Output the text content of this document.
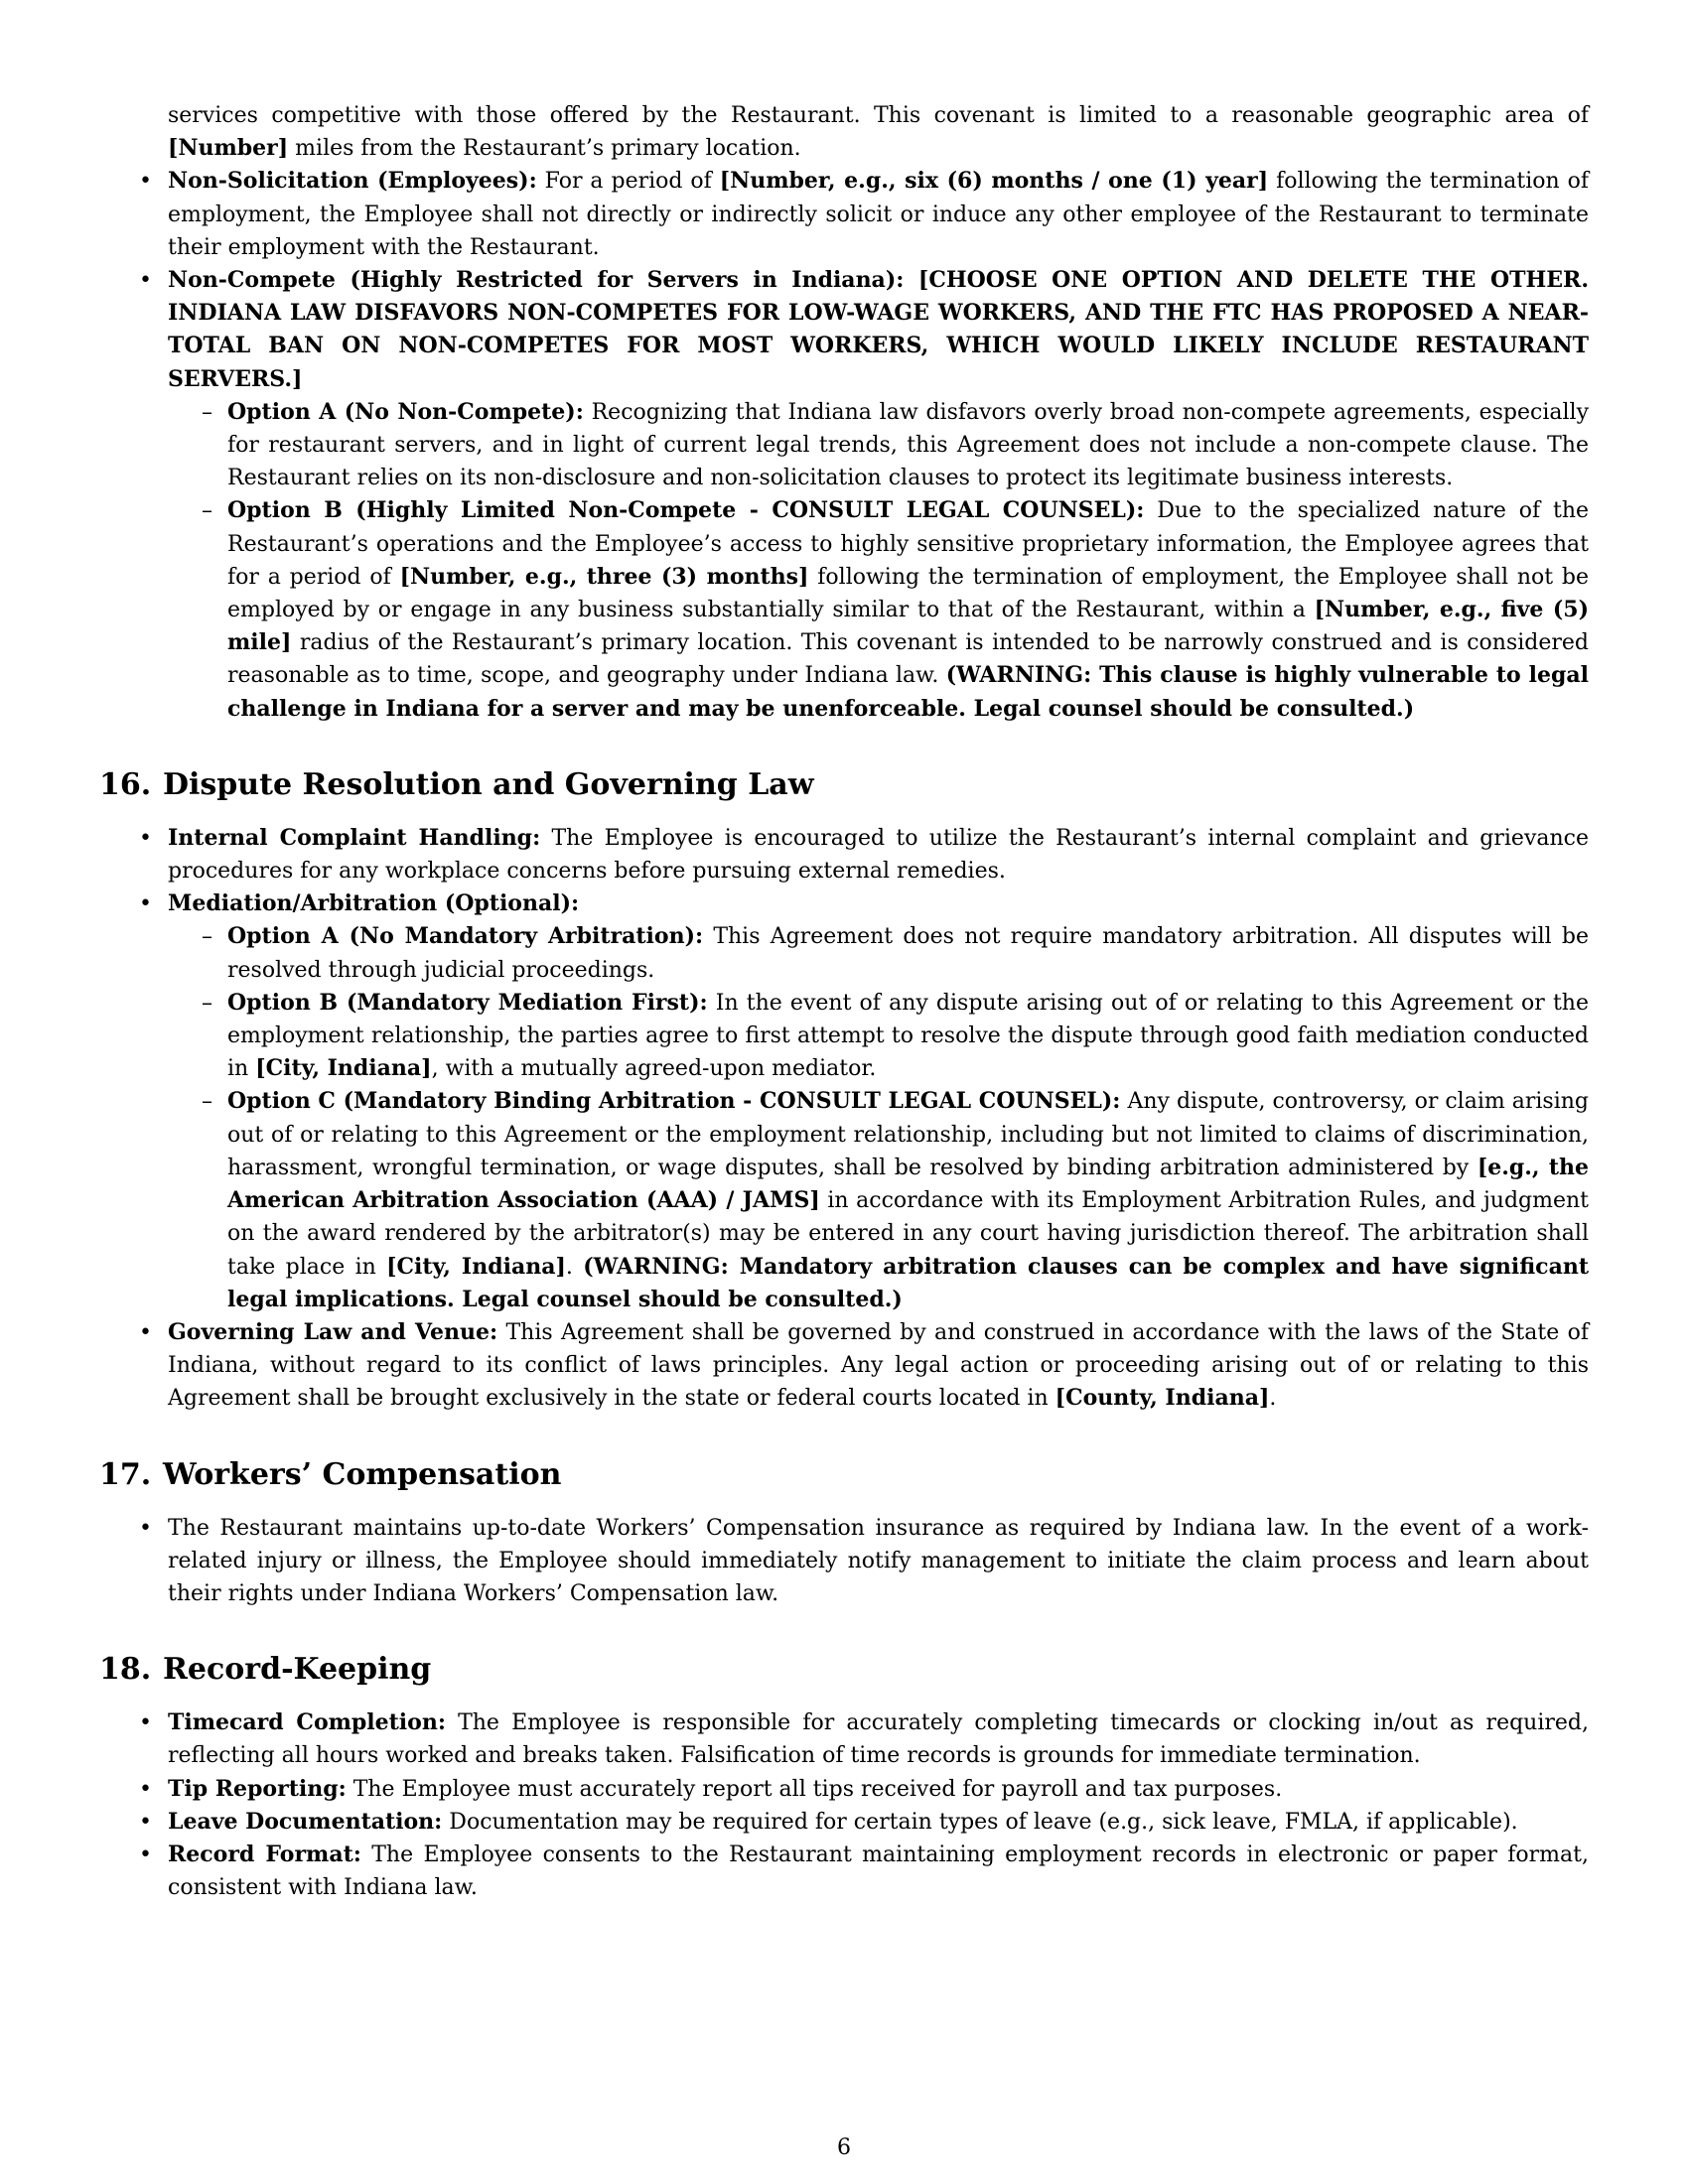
services competitive with those offered by the Restaurant. This covenant is limited to a reasonable geographic area of [Number] miles from the Restaurant’s primary location.
• Non-Solicitation (Employees): For a period of [Number, e.g., six (6) months / one (1) year] following the termination of employment, the Employee shall not directly or indirectly solicit or induce any other employee of the Restaurant to terminate their employment with the Restaurant.
• Non-Compete (Highly Restricted for Servers in Indiana): [CHOOSE ONE OPTION AND DELETE THE OTHER. INDIANA LAW DISFAVORS NON-COMPETES FOR LOW-WAGE WORKERS, AND THE FTC HAS PROPOSED A NEAR-TOTAL BAN ON NON-COMPETES FOR MOST WORKERS, WHICH WOULD LIKELY INCLUDE RESTAURANT SERVERS.]
– Option A (No Non-Compete): Recognizing that Indiana law disfavors overly broad non-compete agreements, especially for restaurant servers, and in light of current legal trends, this Agreement does not include a non-compete clause. The Restaurant relies on its non-disclosure and non-solicitation clauses to protect its legitimate business interests.
– Option B (Highly Limited Non-Compete - CONSULT LEGAL COUNSEL): Due to the specialized nature of the Restaurant’s operations and the Employee’s access to highly sensitive proprietary information, the Employee agrees that for a period of [Number, e.g., three (3) months] following the termination of employment, the Employee shall not be employed by or engage in any business substantially similar to that of the Restaurant, within a [Number, e.g., five (5) mile] radius of the Restaurant’s primary location. This covenant is intended to be narrowly construed and is considered reasonable as to time, scope, and geography under Indiana law. (WARNING: This clause is highly vulnerable to legal challenge in Indiana for a server and may be unenforceable. Legal counsel should be consulted.)
16. Dispute Resolution and Governing Law
• Internal Complaint Handling: The Employee is encouraged to utilize the Restaurant’s internal complaint and grievance procedures for any workplace concerns before pursuing external remedies.
• Mediation/Arbitration (Optional):
– Option A (No Mandatory Arbitration): This Agreement does not require mandatory arbitration. All disputes will be resolved through judicial proceedings.
– Option B (Mandatory Mediation First): In the event of any dispute arising out of or relating to this Agreement or the employment relationship, the parties agree to first attempt to resolve the dispute through good faith mediation conducted in [City, Indiana], with a mutually agreed-upon mediator.
– Option C (Mandatory Binding Arbitration - CONSULT LEGAL COUNSEL): Any dispute, controversy, or claim arising out of or relating to this Agreement or the employment relationship, including but not limited to claims of discrimination, harassment, wrongful termination, or wage disputes, shall be resolved by binding arbitration administered by [e.g., the American Arbitration Association (AAA) / JAMS] in accordance with its Employment Arbitration Rules, and judgment on the award rendered by the arbitrator(s) may be entered in any court having jurisdiction thereof. The arbitration shall take place in [City, Indiana]. (WARNING: Mandatory arbitration clauses can be complex and have significant legal implications. Legal counsel should be consulted.)
• Governing Law and Venue: This Agreement shall be governed by and construed in accordance with the laws of the State of Indiana, without regard to its conflict of laws principles. Any legal action or proceeding arising out of or relating to this Agreement shall be brought exclusively in the state or federal courts located in [County, Indiana].
17. Workers’ Compensation
• The Restaurant maintains up-to-date Workers’ Compensation insurance as required by Indiana law. In the event of a work-related injury or illness, the Employee should immediately notify management to initiate the claim process and learn about their rights under Indiana Workers’ Compensation law.
18. Record-Keeping
• Timecard Completion: The Employee is responsible for accurately completing timecards or clocking in/out as required, reflecting all hours worked and breaks taken. Falsification of time records is grounds for immediate termination.
• Tip Reporting: The Employee must accurately report all tips received for payroll and tax purposes.
• Leave Documentation: Documentation may be required for certain types of leave (e.g., sick leave, FMLA, if applicable).
• Record Format: The Employee consents to the Restaurant maintaining employment records in electronic or paper format, consistent with Indiana law.
6
